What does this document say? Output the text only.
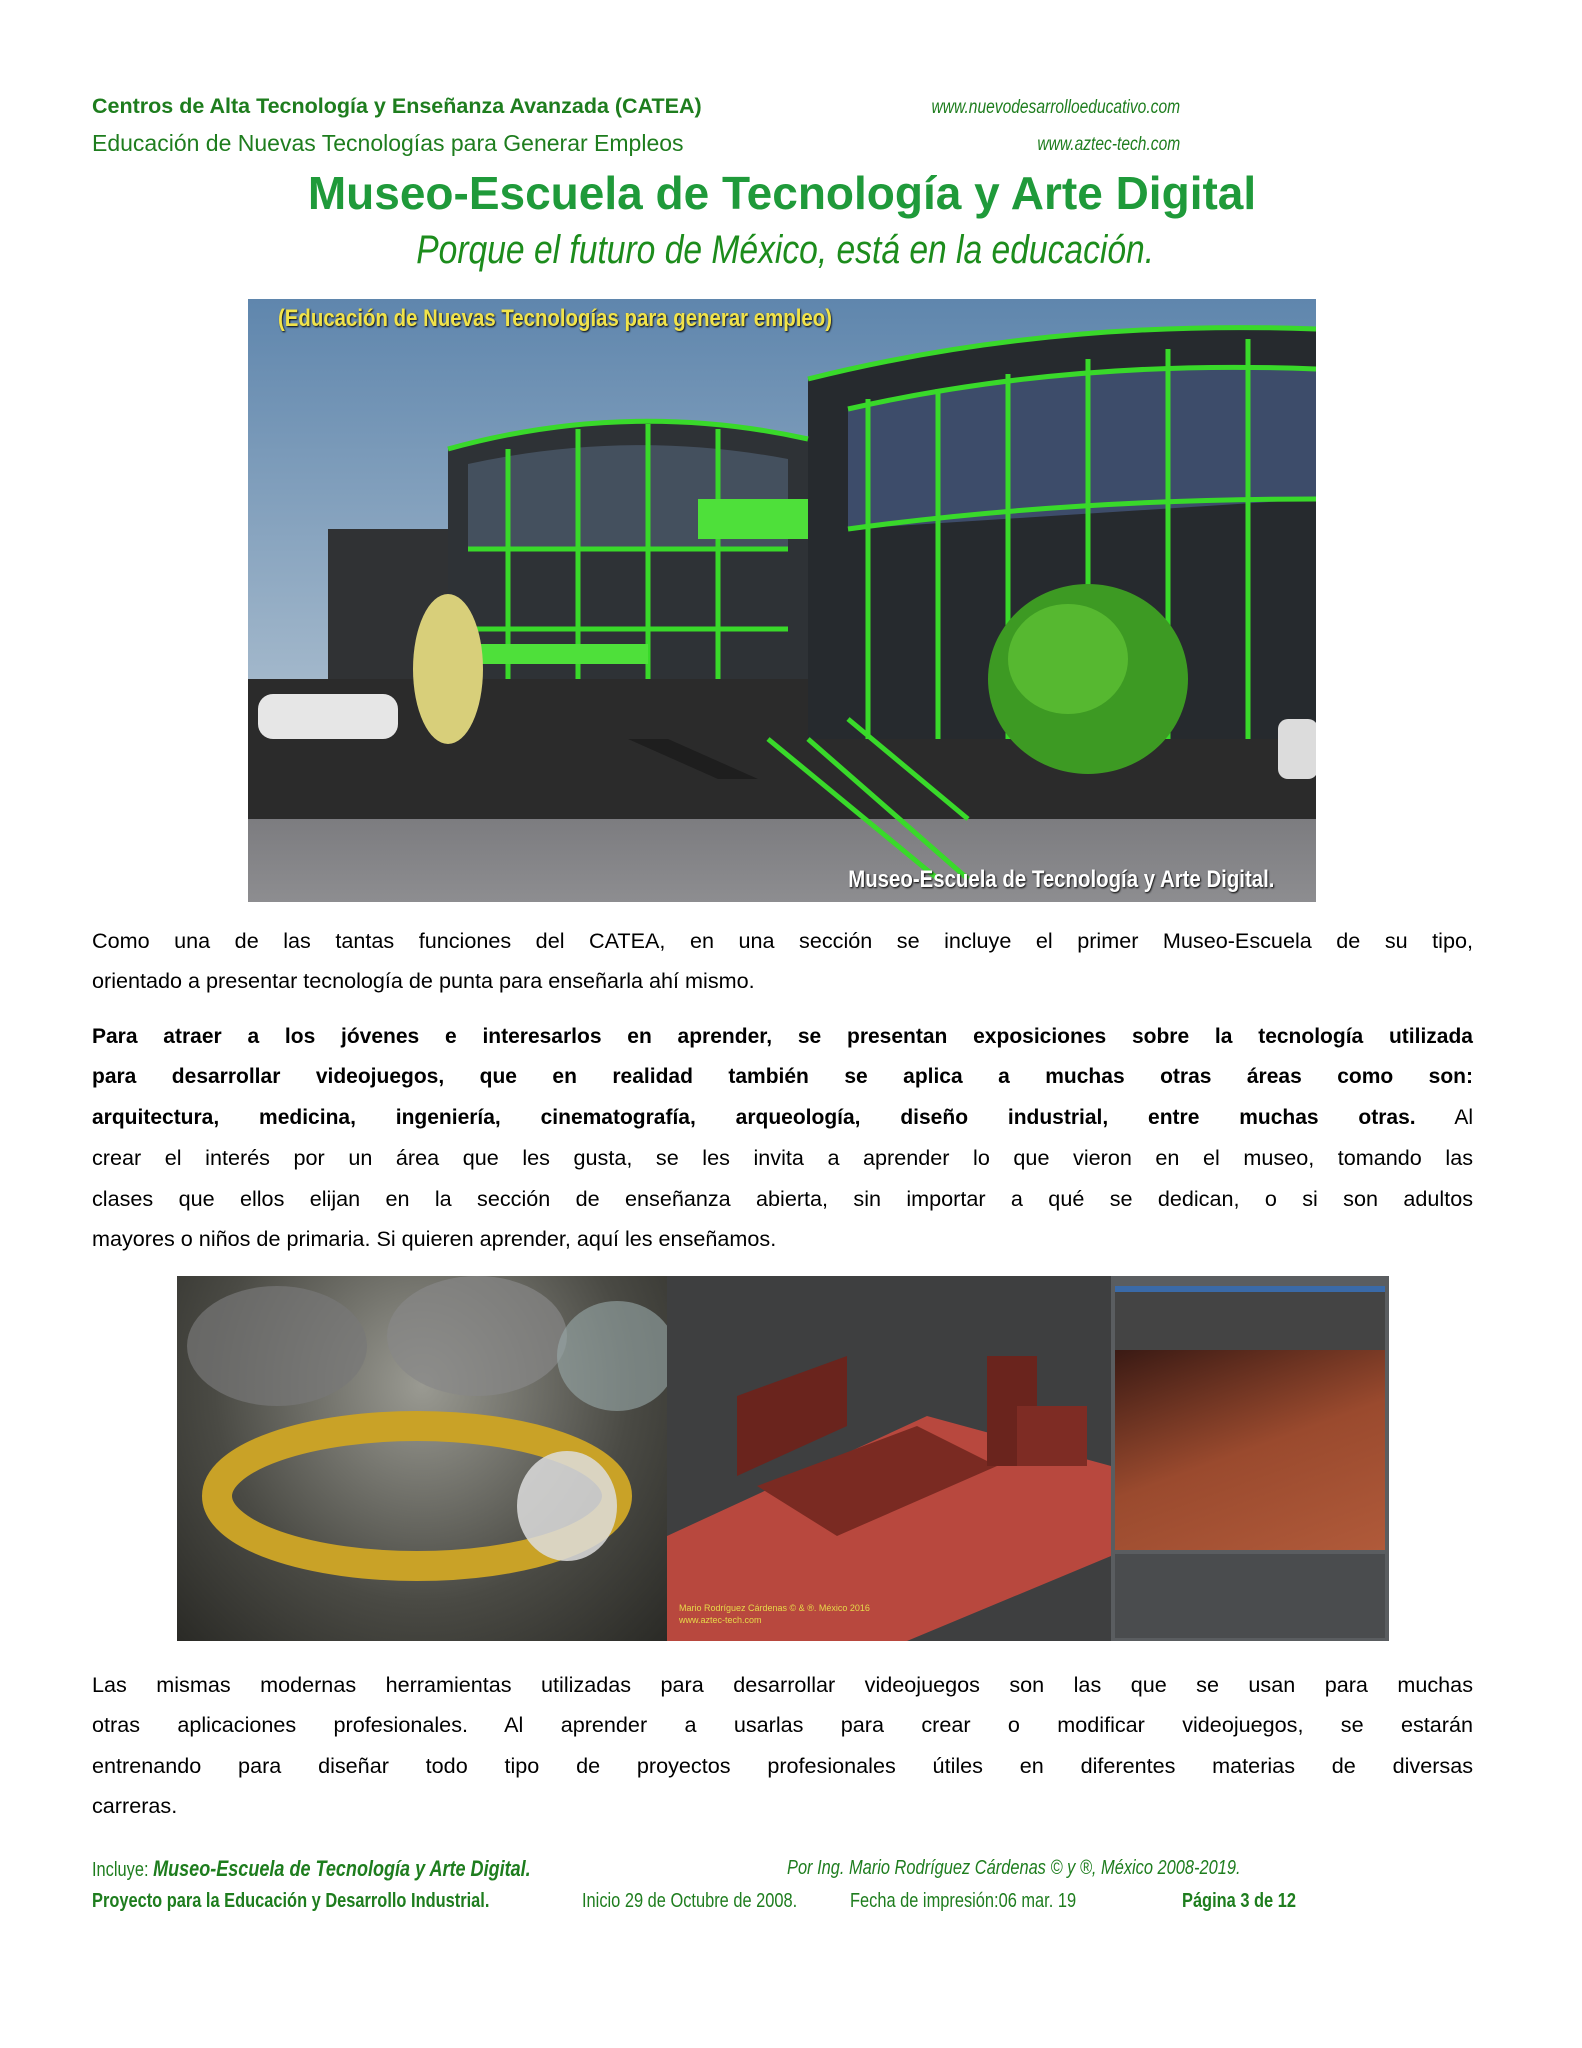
Centros de Alta Tecnología y Enseñanza Avanzada (CATEA)
Educación de Nuevas Tecnologías para Generar Empleos
www.nuevodesarrolloeducativo.com
www.aztec-tech.com
Museo-Escuela de Tecnología y Arte Digital
Porque el futuro de México, está en la educación.
(Educación de Nuevas Tecnologías para generar empleo)
Museo-Escuela de Tecnología y Arte Digital.
Como una de las tantas funciones del CATEA, en una sección se incluye el primer Museo-Escuela de su tipo,
orientado a presentar tecnología de punta para enseñarla ahí mismo.
Para atraer a los jóvenes e interesarlos en aprender, se presentan exposiciones sobre la tecnología utilizada
para desarrollar videojuegos, que en realidad también se aplica a muchas otras áreas como son:
arquitectura, medicina, ingeniería, cinematografía, arqueología, diseño industrial, entre muchas otras. Al
crear el interés por un área que les gusta, se les invita a aprender lo que vieron en el museo, tomando las
clases que ellos elijan en la sección de enseñanza abierta, sin importar a qué se dedican, o si son adultos
mayores o niños de primaria. Si quieren aprender, aquí les enseñamos.
Mario Rodríguez Cárdenas © & ®. México 2016
www.aztec-tech.com
Las mismas modernas herramientas utilizadas para desarrollar videojuegos son las que se usan para muchas
otras aplicaciones profesionales. Al aprender a usarlas para crear o modificar videojuegos, se estarán
entrenando para diseñar todo tipo de proyectos profesionales útiles en diferentes materias de diversas
carreras.
Incluye: Museo-Escuela de Tecnología y Arte Digital.	Por Ing. Mario Rodríguez Cárdenas © y ®, México 2008-2019.
Proyecto para la Educación y Desarrollo Industrial.	Inicio 29 de Octubre de 2008.	Fecha de impresión:06 mar. 19	Página 3 de 12
